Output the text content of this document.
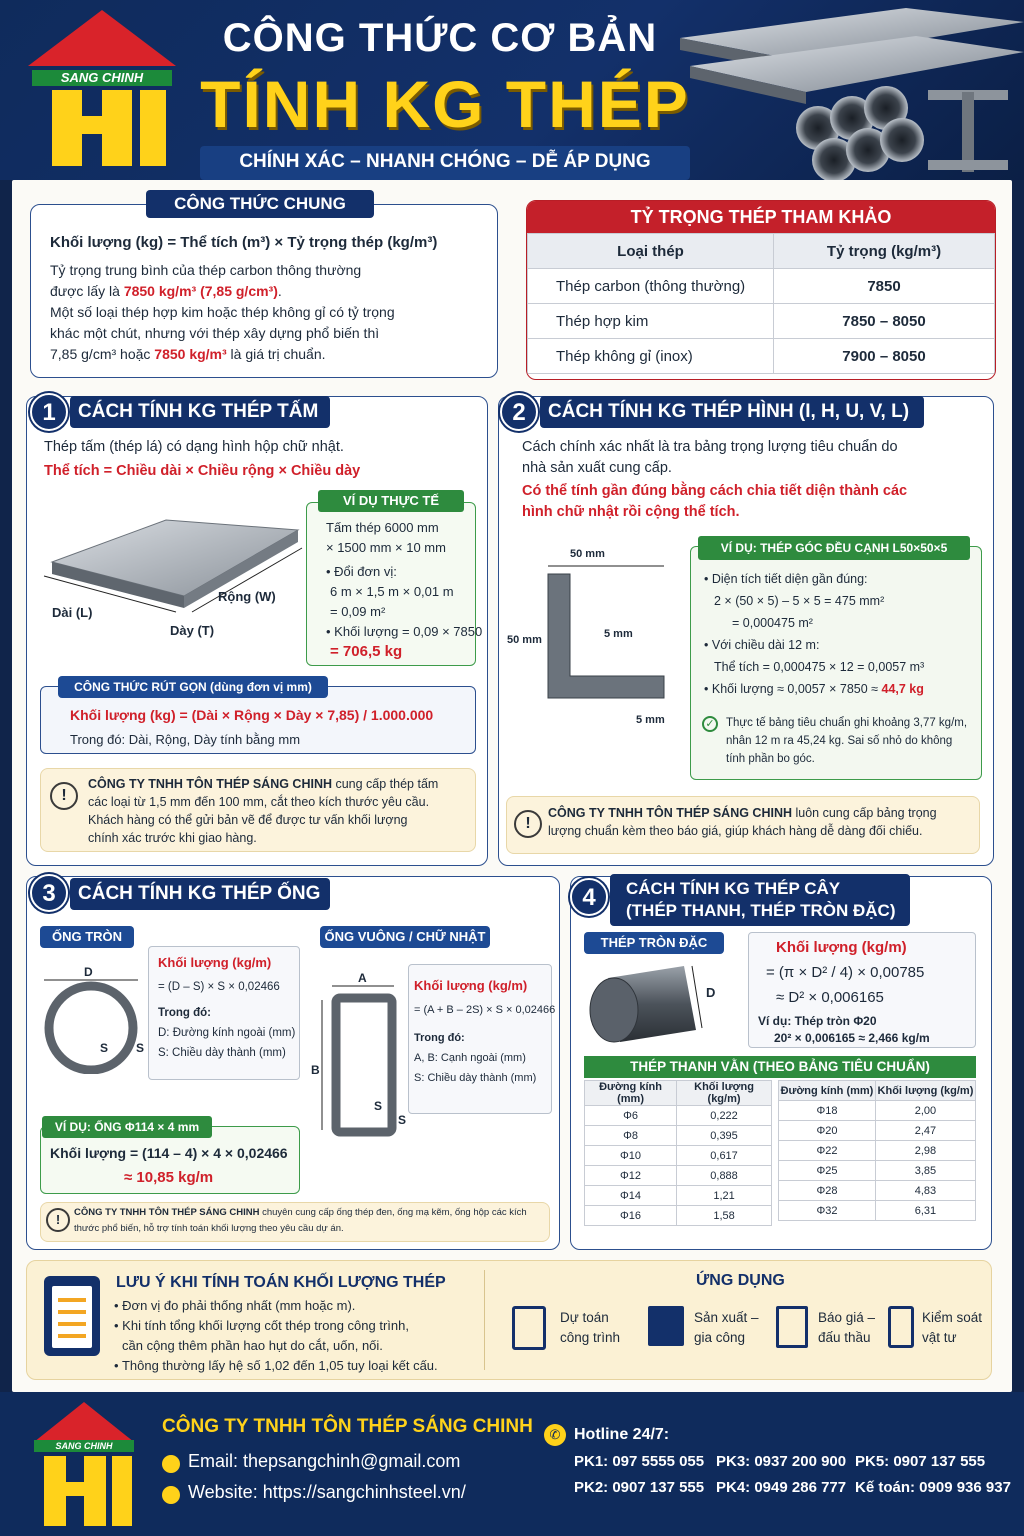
SANG CHINH
CÔNG THỨC CƠ BẢN
TÍNH KG THÉP
CHÍNH XÁC – NHANH CHÓNG – DỄ ÁP DỤNG
CÔNG THỨC CHUNG
Khối lượng (kg) = Thể tích (m³) × Tỷ trọng thép (kg/m³)
Tỷ trọng trung bình của thép carbon thông thường
được lấy là 7850 kg/m³ (7,85 g/cm³).
Một số loại thép hợp kim hoặc thép không gỉ có tỷ trọng
khác một chút, nhưng với thép xây dựng phổ biến thì
7,85 g/cm³ hoặc 7850 kg/m³ là giá trị chuẩn.
TỶ TRỌNG THÉP THAM KHẢO
Loại thép	Tỷ trọng (kg/m³)
Thép carbon (thông thường)	7850
Thép hợp kim	7850 – 8050
Thép không gỉ (inox)	7900 – 8050
1	CÁCH TÍNH KG THÉP TẤM
Thép tấm (thép lá) có dạng hình hộp chữ nhật.
Thể tích = Chiều dài × Chiều rộng × Chiều dày
Dài (L)
Rộng (W)
Dày (T)
VÍ DỤ THỰC TẾ
Tấm thép 6000 mm
× 1500 mm × 10 mm
• Đổi đơn vị:
6 m × 1,5 m × 0,01 m
= 0,09 m²
• Khối lượng = 0,09 × 7850
= 706,5 kg
CÔNG THỨC RÚT GỌN (dùng đơn vị mm)
Khối lượng (kg) = (Dài × Rộng × Dày × 7,85) / 1.000.000
Trong đó: Dài, Rộng, Dày tính bằng mm
!
CÔNG TY TNHH TÔN THÉP SÁNG CHINH cung cấp thép tấm
các loại từ 1,5 mm đến 100 mm, cắt theo kích thước yêu cầu.
Khách hàng có thể gửi bản vẽ để được tư vấn khối lượng
chính xác trước khi giao hàng.
2	CÁCH TÍNH KG THÉP HÌNH (I, H, U, V, L)
Cách chính xác nhất là tra bảng trọng lượng tiêu chuẩn do
nhà sản xuất cung cấp.
Có thể tính gần đúng bằng cách chia tiết diện thành các
hình chữ nhật rồi cộng thể tích.
50 mm
50 mm	5 mm
5 mm
VÍ DỤ: THÉP GÓC ĐỀU CẠNH L50×50×5
• Diện tích tiết diện gần đúng:
2 × (50 × 5) – 5 × 5 = 475 mm²
= 0,000475 m²
• Với chiều dài 12 m:
Thể tích = 0,000475 × 12 = 0,0057 m³
• Khối lượng ≈ 0,0057 × 7850 ≈ 44,7 kg
✓ Thực tế bảng tiêu chuẩn ghi khoảng 3,77 kg/m,
nhân 12 m ra 45,24 kg. Sai số nhỏ do không
tính phần bo góc.
!
CÔNG TY TNHH TÔN THÉP SÁNG CHINH luôn cung cấp bảng trọng
lượng chuẩn kèm theo báo giá, giúp khách hàng dễ dàng đối chiếu.
3	CÁCH TÍNH KG THÉP ỐNG
ỐNG TRÒN
D
S S
Khối lượng (kg/m)
= (D – S) × S × 0,02466
Trong đó:
D: Đường kính ngoài (mm)
S: Chiều dày thành (mm)
ỐNG VUÔNG / CHỮ NHẬT
A
B
S
S
Khối lượng (kg/m)
= (A + B – 2S) × S × 0,02466
Trong đó:
A, B: Cạnh ngoài (mm)
S: Chiều dày thành (mm)
VÍ DỤ: ỐNG Φ114 × 4 mm
Khối lượng = (114 – 4) × 4 × 0,02466
≈ 10,85 kg/m
!	CÔNG TY TNHH TÔN THÉP SÁNG CHINH chuyên cung cấp ống thép đen, ống mạ kẽm, ống hộp các kích
thước phổ biến, hỗ trợ tính toán khối lượng theo yêu cầu dự án.
4	CÁCH TÍNH KG THÉP CÂY
(THÉP THANH, THÉP TRÒN ĐẶC)
THÉP TRÒN ĐẶC
D
Khối lượng (kg/m)
= (π × D² / 4) × 0,00785
≈ D² × 0,006165
Ví dụ: Thép tròn Φ20
20² × 0,006165 ≈ 2,466 kg/m
THÉP THANH VẰN (THEO BẢNG TIÊU CHUẨN)
Đường kính (mm)	Khối lượng (kg/m)
Φ6	0,222
Φ8	0,395
Φ10	0,617
Φ12	0,888
Φ14	1,21
Φ16	1,58
Đường kính (mm)	Khối lượng (kg/m)
Φ18	2,00
Φ20	2,47
Φ22	2,98
Φ25	3,85
Φ28	4,83
Φ32	6,31
LƯU Ý KHI TÍNH TOÁN KHỐI LƯỢNG THÉP
• Đơn vị đo phải thống nhất (mm hoặc m).
• Khi tính tổng khối lượng cốt thép trong công trình,
cần cộng thêm phần hao hụt do cắt, uốn, nối.
• Thông thường lấy hệ số 1,02 đến 1,05 tuy loại kết cấu.
ỨNG DỤNG
Dự toán
công trình
Sản xuất –
gia công
Báo giá –
đấu thầu
Kiểm soát
vật tư
SANG CHINH
CÔNG TY TNHH TÔN THÉP SÁNG CHINH
Email: thepsangchinh@gmail.com
Website: https://sangchinhsteel.vn/
✆ Hotline 24/7:
PK1: 097 5555 055 PK3: 0937 200 900 PK5: 0907 137 555
PK2: 0907 137 555 PK4: 0949 286 777 Kế toán: 0909 936 937
